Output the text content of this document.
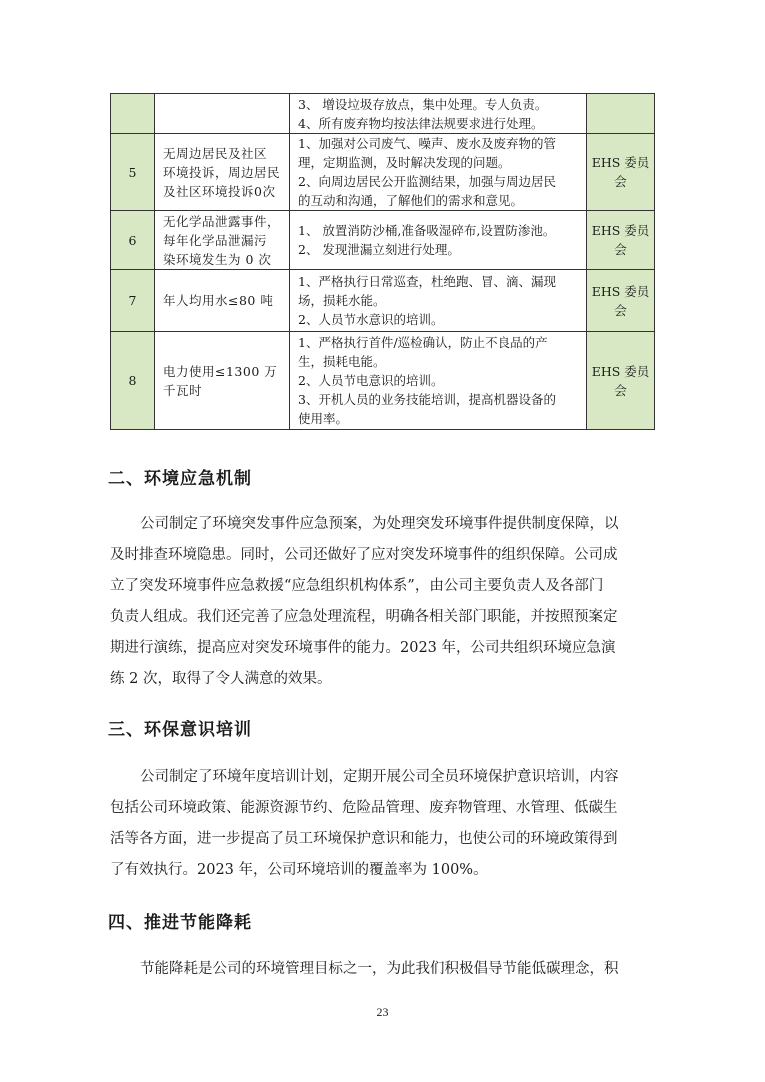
		3、 增设垃圾存放点，集中处理。专人负责。
4、所有废弃物均按法律法规要求进行处理。	

5	无周边居民及社区
环境投诉，周边居民
及社区环境投诉0次	1、加强对公司废气、噪声、废水及废弃物的管
理，定期监测，及时解决发现的问题。
2、向周边居民公开监测结果，加强与周边居民
的互动和沟通，了解他们的需求和意见。	EHS 委员
会

6	无化学品泄露事件，
每年化学品泄漏污
染环境发生为 0 次	1、 放置消防沙桶,准备吸湿碎布,设置防渗池。
2、 发现泄漏立刻进行处理。	EHS 委员
会

7	年人均用水≤80 吨	1、严格执行日常巡查，杜绝跑、冒、滴、漏现
场，损耗水能。
2、人员节水意识的培训。	EHS 委员
会

8	电力使用≤1300 万
千瓦时	1、严格执行首件/巡检确认，防止不良品的产
生，损耗电能。
2、人员节电意识的培训。
3、开机人员的业务技能培训，提高机器设备的
使用率。	EHS 委员
会
二、环境应急机制
公司制定了环境突发事件应急预案，为处理突发环境事件提供制度保障，以
及时排查环境隐患。同时，公司还做好了应对突发环境事件的组织保障。公司成
立了突发环境事件应急救援“应急组织机构体系”，由公司主要负责人及各部门
负责人组成。我们还完善了应急处理流程，明确各相关部门职能，并按照预案定
期进行演练，提高应对突发环境事件的能力。2023 年，公司共组织环境应急演
练 2 次，取得了令人满意的效果。
三、环保意识培训
公司制定了环境年度培训计划，定期开展公司全员环境保护意识培训，内容
包括公司环境政策、能源资源节约、危险品管理、废弃物管理、水管理、低碳生
活等各方面，进一步提高了员工环境保护意识和能力，也使公司的环境政策得到
了有效执行。2023 年，公司环境培训的覆盖率为 100%。
四、推进节能降耗
节能降耗是公司的环境管理目标之一，为此我们积极倡导节能低碳理念，积
23
